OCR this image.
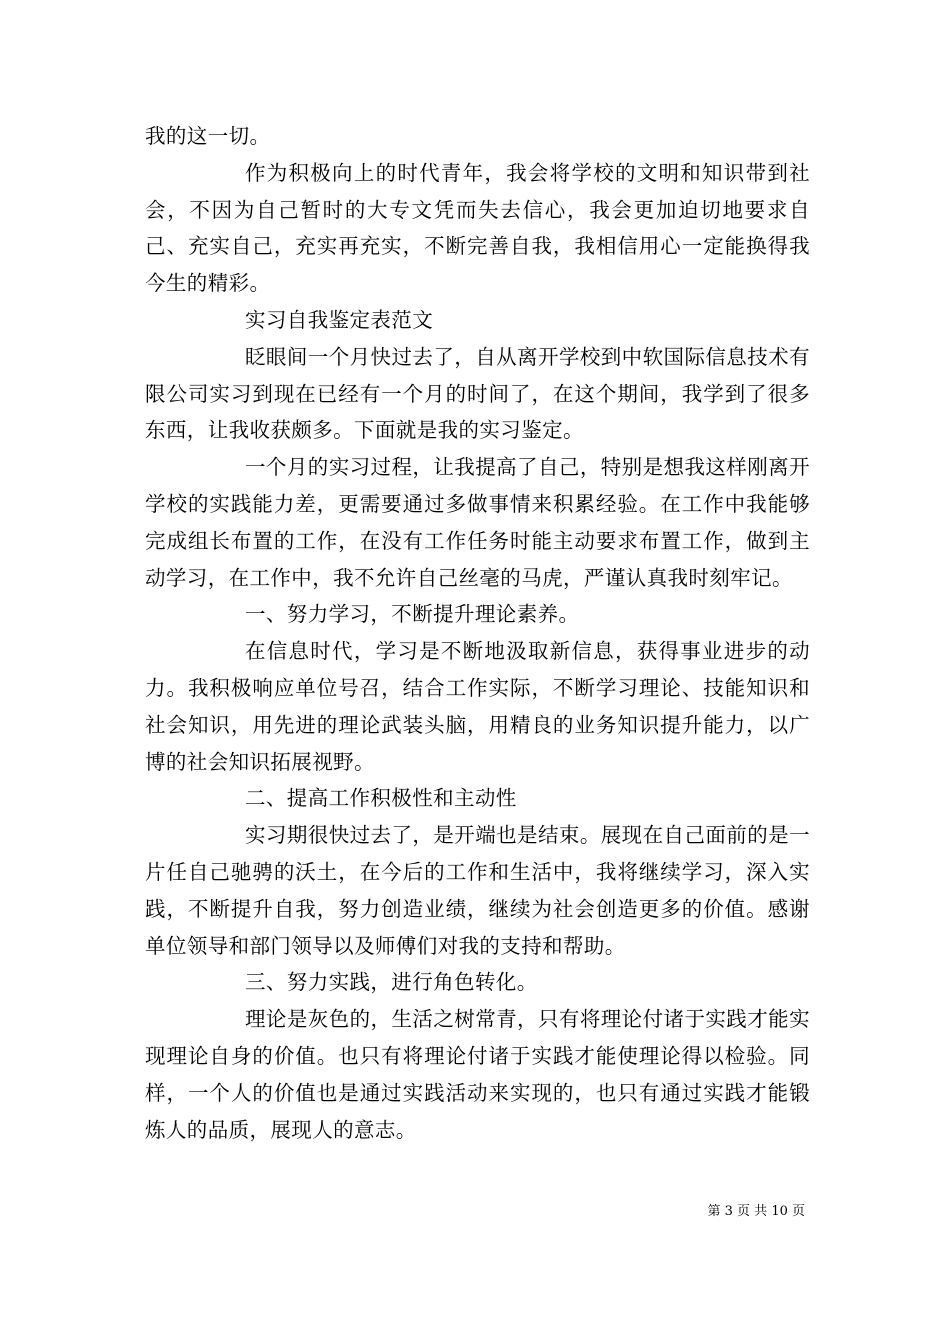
我的这一切。

作为积极向上的时代青年，我会将学校的文明和知识带到社会，不因为自己暂时的大专文凭而失去信心，我会更加迫切地要求自己、充实自己，充实再充实，不断完善自我，我相信用心一定能换得我今生的精彩。

实习自我鉴定表范文

眨眼间一个月快过去了，自从离开学校到中软国际信息技术有限公司实习到现在已经有一个月的时间了，在这个期间，我学到了很多东西，让我收获颇多。下面就是我的实习鉴定。

一个月的实习过程，让我提高了自己，特别是想我这样刚离开学校的实践能力差，更需要通过多做事情来积累经验。在工作中我能够完成组长布置的工作，在没有工作任务时能主动要求布置工作，做到主动学习，在工作中，我不允许自己丝毫的马虎，严谨认真我时刻牢记。

一、努力学习，不断提升理论素养。

在信息时代，学习是不断地汲取新信息，获得事业进步的动力。我积极响应单位号召，结合工作实际，不断学习理论、技能知识和社会知识，用先进的理论武装头脑，用精良的业务知识提升能力，以广博的社会知识拓展视野。

二、提高工作积极性和主动性

实习期很快过去了，是开端也是结束。展现在自己面前的是一片任自己驰骋的沃土，在今后的工作和生活中，我将继续学习，深入实践，不断提升自我，努力创造业绩，继续为社会创造更多的价值。感谢单位领导和部门领导以及师傅们对我的支持和帮助。

三、努力实践，进行角色转化。

理论是灰色的，生活之树常青，只有将理论付诸于实践才能实现理论自身的价值。也只有将理论付诸于实践才能使理论得以检验。同样，一个人的价值也是通过实践活动来实现的，也只有通过实践才能锻炼人的品质，展现人的意志。

第 3 页 共 10 页
